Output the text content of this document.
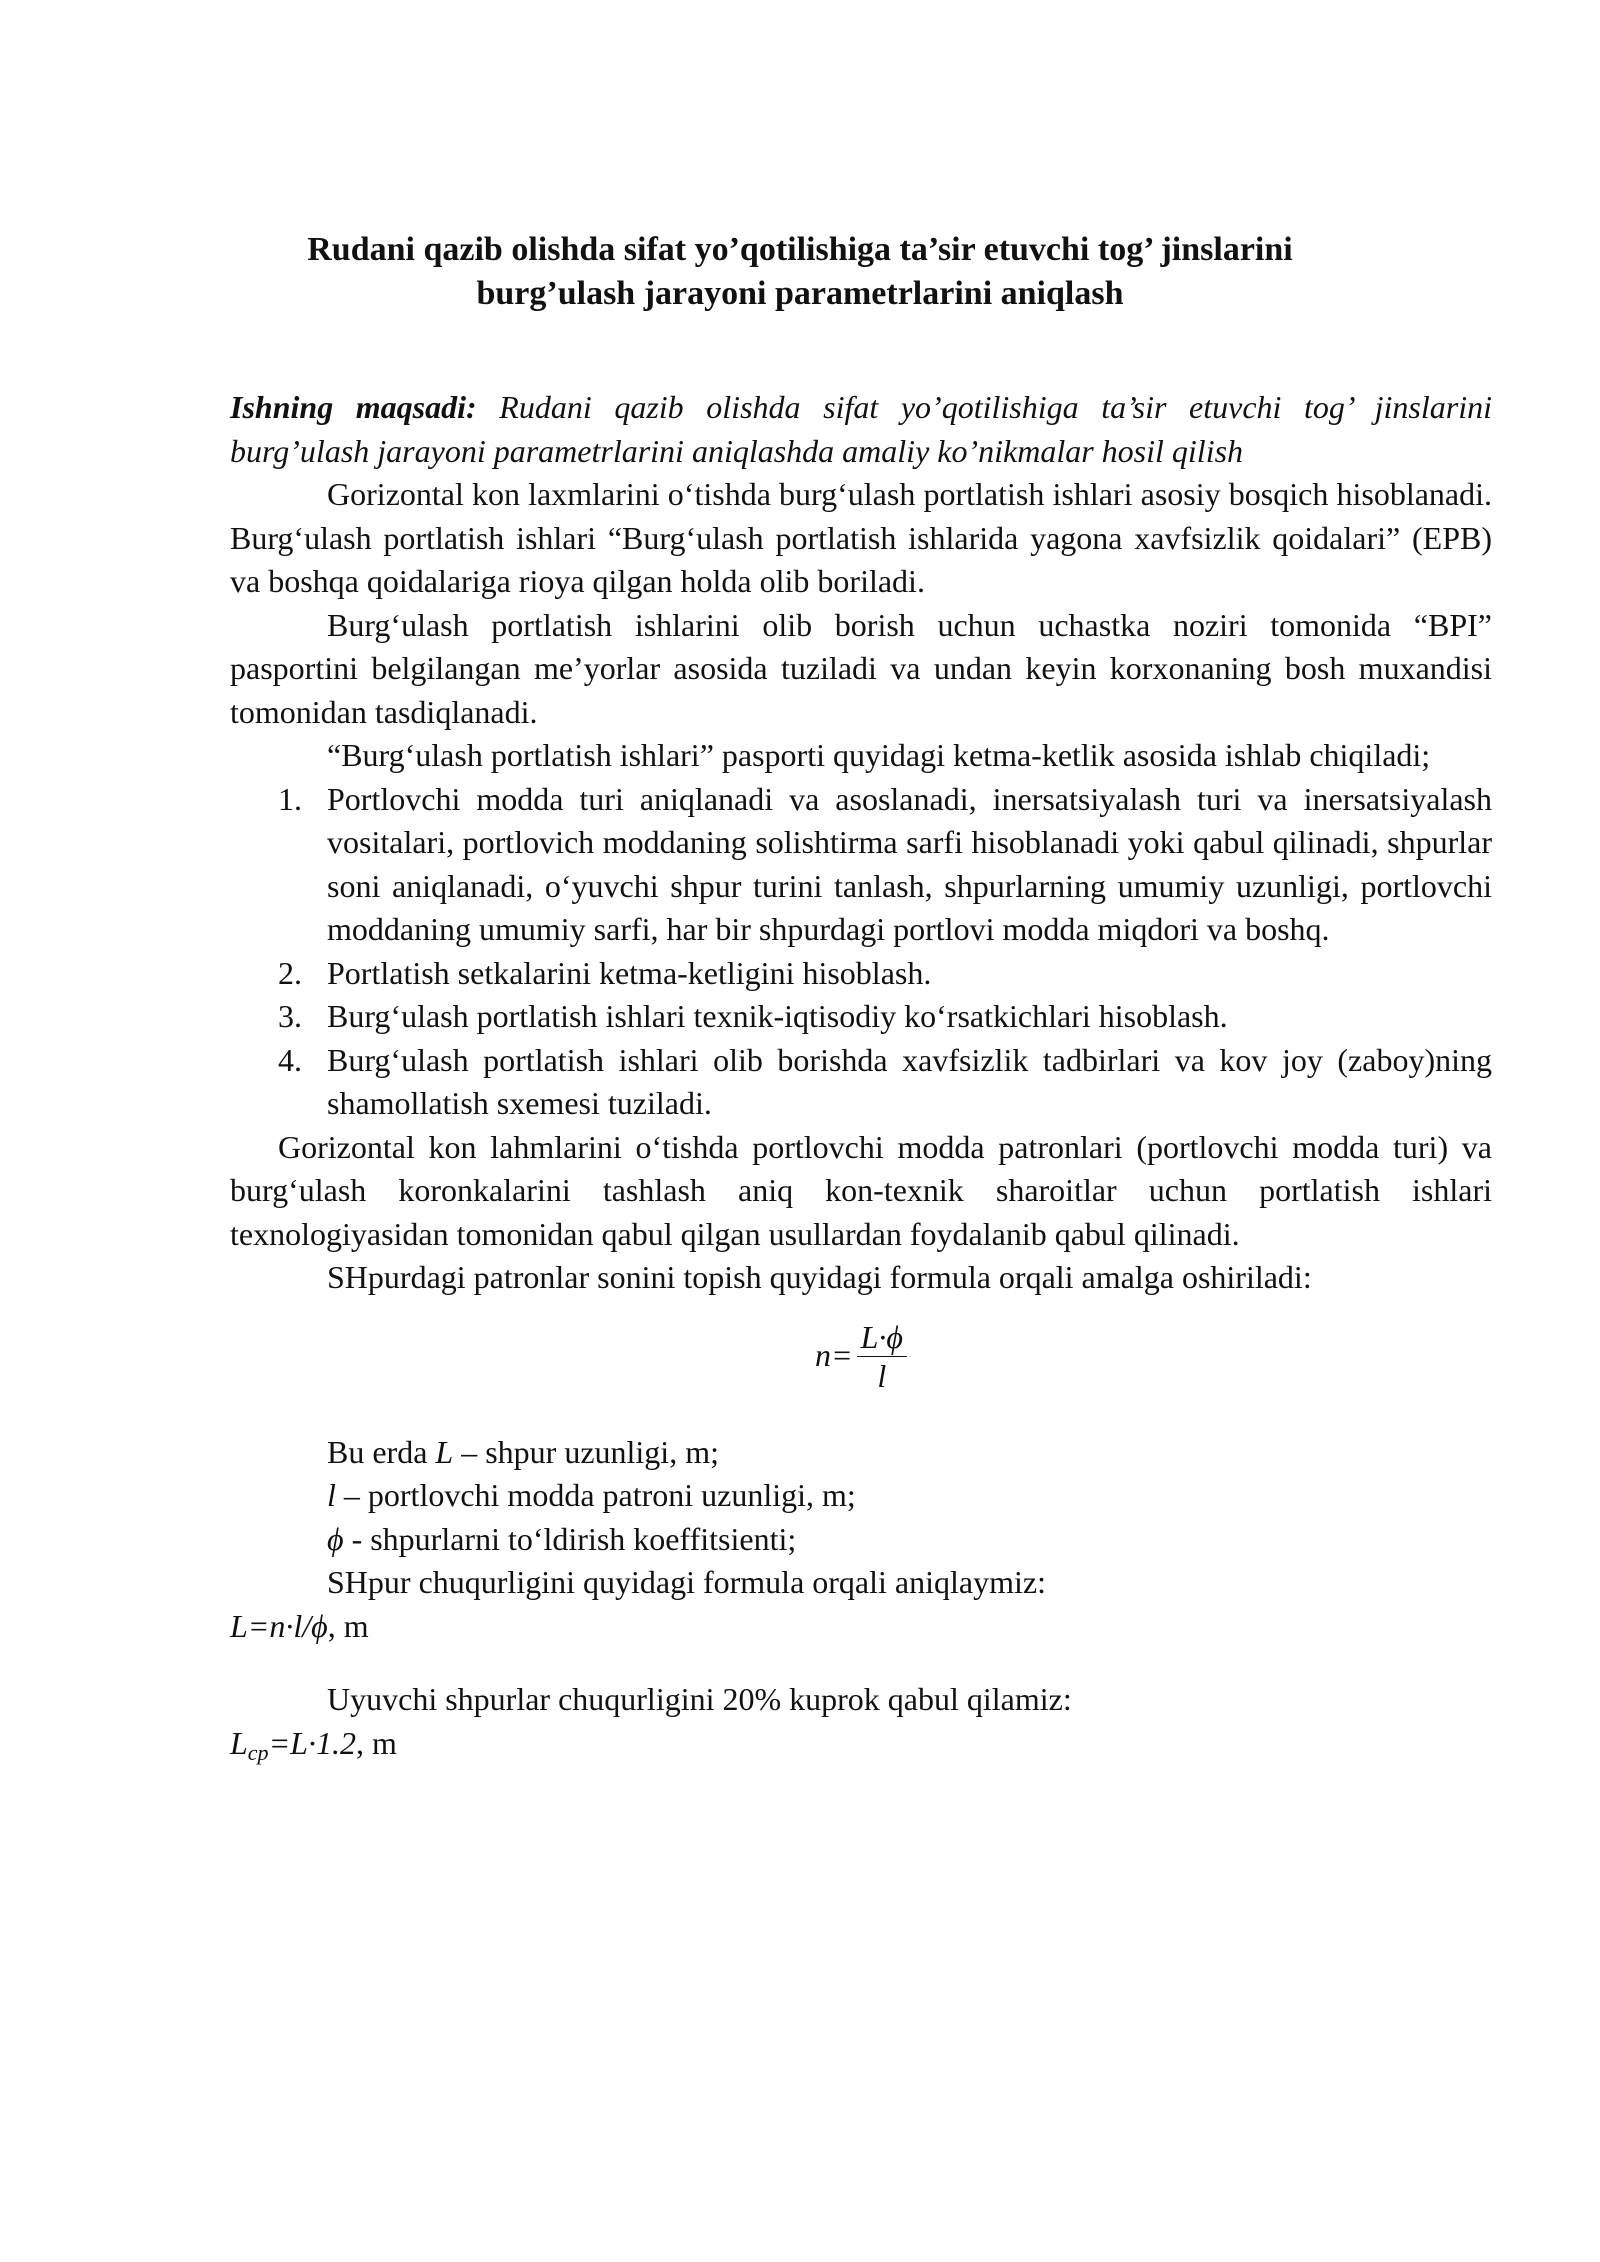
Rudani qazib olishda sifat yo’qotilishiga ta’sir etuvchi tog’ jinslarini
burg’ulash jarayoni parametrlarini aniqlash

Ishning maqsadi: Rudani qazib olishda sifat yo’qotilishiga ta’sir etuvchi tog’ jinslarini burg’ulash jarayoni parametrlarini aniqlashda amaliy ko’nikmalar hosil qilish

Gorizontal kon laxmlarini o‘tishda burg‘ulash portlatish ishlari asosiy bosqich hisoblanadi. Burg‘ulash portlatish ishlari “Burg‘ulash portlatish ishlarida yagona xavfsizlik qoidalari” (EPB) va boshqa qoidalariga rioya qilgan holda olib boriladi.

Burg‘ulash portlatish ishlarini olib borish uchun uchastka noziri tomonida “BPI” pasportini belgilangan me’yorlar asosida tuziladi va undan keyin korxonaning bosh muxandisi tomonidan tasdiqlanadi.

“Burg‘ulash portlatish ishlari” pasporti quyidagi ketma-ketlik asosida ishlab chiqiladi;

1. Portlovchi modda turi aniqlanadi va asoslanadi, inersatsiyalash turi va inersatsiyalash vositalari, portlovich moddaning solishtirma sarfi hisoblanadi yoki qabul qilinadi, shpurlar soni aniqlanadi, o‘yuvchi shpur turini tanlash, shpurlarning umumiy uzunligi, portlovchi moddaning umumiy sarfi, har bir shpurdagi portlovi modda miqdori va boshq.
2. Portlatish setkalarini ketma-ketligini hisoblash.
3. Burg‘ulash portlatish ishlari texnik-iqtisodiy ko‘rsatkichlari hisoblash.
4. Burg‘ulash portlatish ishlari olib borishda xavfsizlik tadbirlari va kov joy (zaboy)ning shamollatish sxemesi tuziladi.

Gorizontal kon lahmlarini o‘tishda portlovchi modda patronlari (portlovchi modda turi) va burg‘ulash koronkalarini tashlash aniq kon-texnik sharoitlar uchun portlatish ishlari texnologiyasidan tomonidan qabul qilgan usullardan foydalanib qabul qilinadi.

SHpurdagi patronlar sonini topish quyidagi formula orqali amalga oshiriladi:

$n= \frac{L\cdot\phi}{l}$

Bu erda L – shpur uzunligi, m;

l – portlovchi modda patroni uzunligi, m;

ϕ - shpurlarni to‘ldirish koeffitsienti;

SHpur chuqurligini quyidagi formula orqali aniqlaymiz:

L=n·l/ϕ, m

Uyuvchi shpurlar chuqurligini 20% kuprok qabul qilamiz:

$L_{cp}=L\cdot 1.2$, m
